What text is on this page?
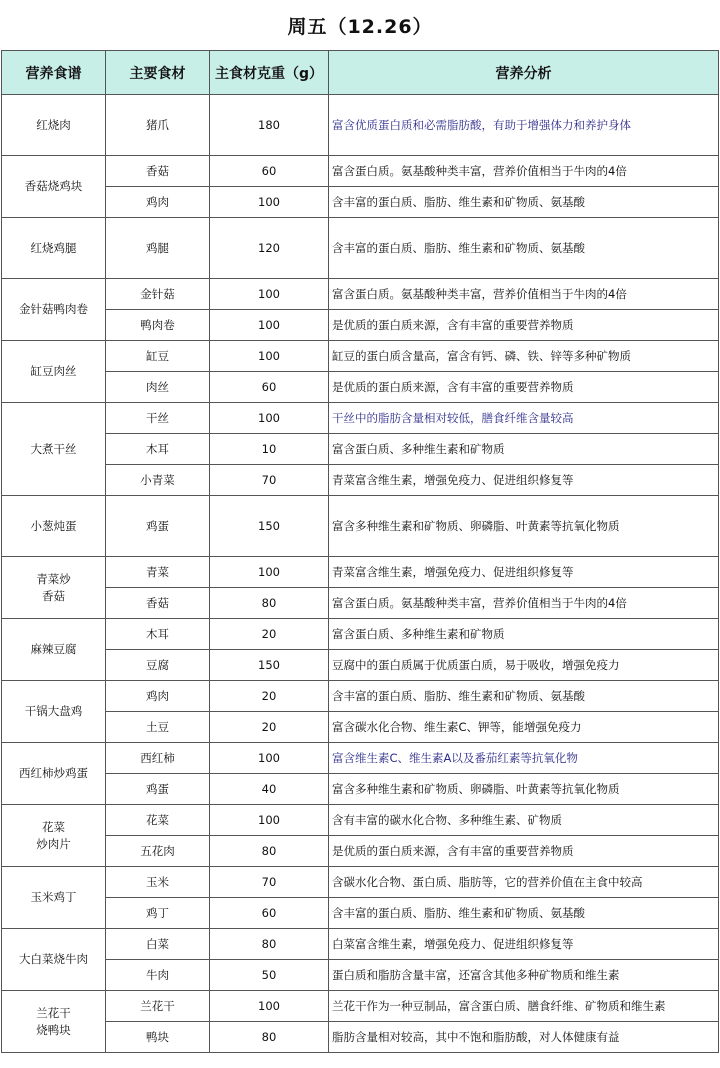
周五（12.26）
营养食谱	主要食材	主食材克重（g）	营养分析

红烧肉	猪爪	180	富含优质蛋白质和必需脂肪酸，有助于增强体力和养护身体

香菇烧鸡块	香菇	60	富含蛋白质。氨基酸种类丰富，营养价值相当于牛肉的4倍
	鸡肉	100	含丰富的蛋白质、脂肪、维生素和矿物质、氨基酸

红烧鸡腿	鸡腿	120	含丰富的蛋白质、脂肪、维生素和矿物质、氨基酸

金针菇鸭肉卷	金针菇	100	富含蛋白质。氨基酸种类丰富，营养价值相当于牛肉的4倍
	鸭肉卷	100	是优质的蛋白质来源，含有丰富的重要营养物质

缸豆肉丝	缸豆	100	缸豆的蛋白质含量高，富含有钙、磷、铁、锌等多种矿物质
	肉丝	60	是优质的蛋白质来源，含有丰富的重要营养物质

大煮干丝	干丝	100	干丝中的脂肪含量相对较低，膳食纤维含量较高
	木耳	10	富含蛋白质、多种维生素和矿物质
	小青菜	70	青菜富含维生素，增强免疫力、促进组织修复等

小葱炖蛋	鸡蛋	150	富含多种维生素和矿物质、卵磷脂、叶黄素等抗氧化物质

青菜炒
香菇	青菜	100	青菜富含维生素，增强免疫力、促进组织修复等
	香菇	80	富含蛋白质。氨基酸种类丰富，营养价值相当于牛肉的4倍

麻辣豆腐	木耳	20	富含蛋白质、多种维生素和矿物质
	豆腐	150	豆腐中的蛋白质属于优质蛋白质，易于吸收，增强免疫力

干锅大盘鸡	鸡肉	20	含丰富的蛋白质、脂肪、维生素和矿物质、氨基酸
	土豆	20	富含碳水化合物、维生素C、钾等，能增强免疫力

西红柿炒鸡蛋	西红柿	100	富含维生素C、维生素A以及番茄红素等抗氧化物
	鸡蛋	40	富含多种维生素和矿物质、卵磷脂、叶黄素等抗氧化物质

花菜
炒肉片	花菜	100	含有丰富的碳水化合物、多种维生素、矿物质
	五花肉	80	是优质的蛋白质来源，含有丰富的重要营养物质

玉米鸡丁	玉米	70	含碳水化合物、蛋白质、脂肪等，它的营养价值在主食中较高
	鸡丁	60	含丰富的蛋白质、脂肪、维生素和矿物质、氨基酸

大白菜烧牛肉	白菜	80	白菜富含维生素，增强免疫力、促进组织修复等
	牛肉	50	蛋白质和脂肪含量丰富，还富含其他多种矿物质和维生素

兰花干
烧鸭块	兰花干	100	兰花干作为一种豆制品，富含蛋白质、膳食纤维、矿物质和维生素
	鸭块	80	脂肪含量相对较高，其中不饱和脂肪酸，对人体健康有益
